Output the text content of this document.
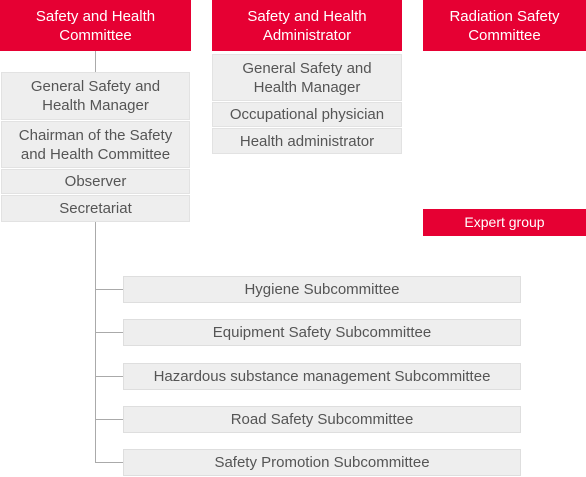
Safety and Health
Committee
Safety and Health
Administrator
Radiation Safety
Committee
General Safety and
Health Manager
Chairman of the Safety
and Health Committee
Observer
Secretariat
General Safety and
Health Manager
Occupational physician
Health administrator
Expert group
Hygiene Subcommittee
Equipment Safety Subcommittee
Hazardous substance management Subcommittee
Road Safety Subcommittee
Safety Promotion Subcommittee
